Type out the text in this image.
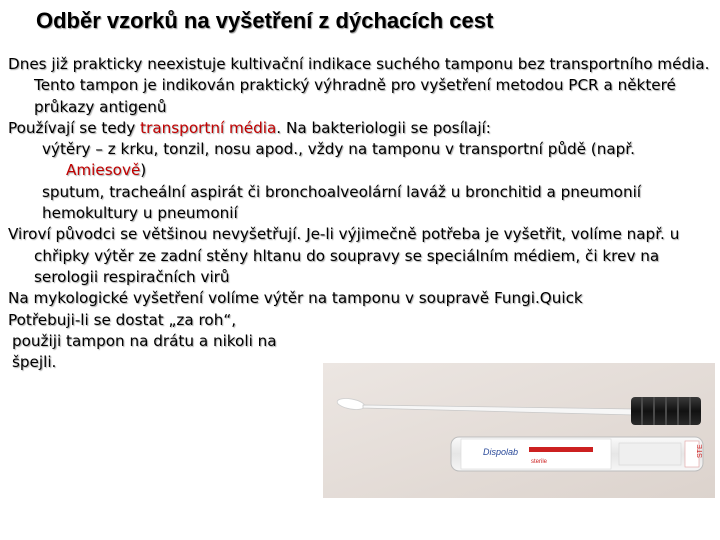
Odběr vzorků na vyšetření z dýchacích cest

Dnes již prakticky neexistuje kultivační indikace suchého tamponu bez transportního média. Tento tampon je indikován praktický výhradně pro vyšetření metodou PCR a některé průkazy antigenů

Používají se tedy transportní média. Na bakteriologii se posílají:

výtěry – z krku, tonzil, nosu apod., vždy na tamponu v transportní půdě (např. Amiesově)

sputum, tracheální aspirát či bronchoalveolární laváž u bronchitid a pneumonií

hemokultury u pneumonií

Viroví původci se většinou nevyšetřují. Je-li výjimečně potřeba je vyšetřit, volíme např. u chřipky výtěr ze zadní stěny hltanu do soupravy se speciálním médiem, či krev na serologii respiračních virů

Na mykologické vyšetření volíme výtěr na tamponu v soupravě Fungi.Quick

Potřebuji-li se dostat „za roh“,

použiji tampon na drátu a nikoli na

špejli.

Dispolab
sterile
STE
